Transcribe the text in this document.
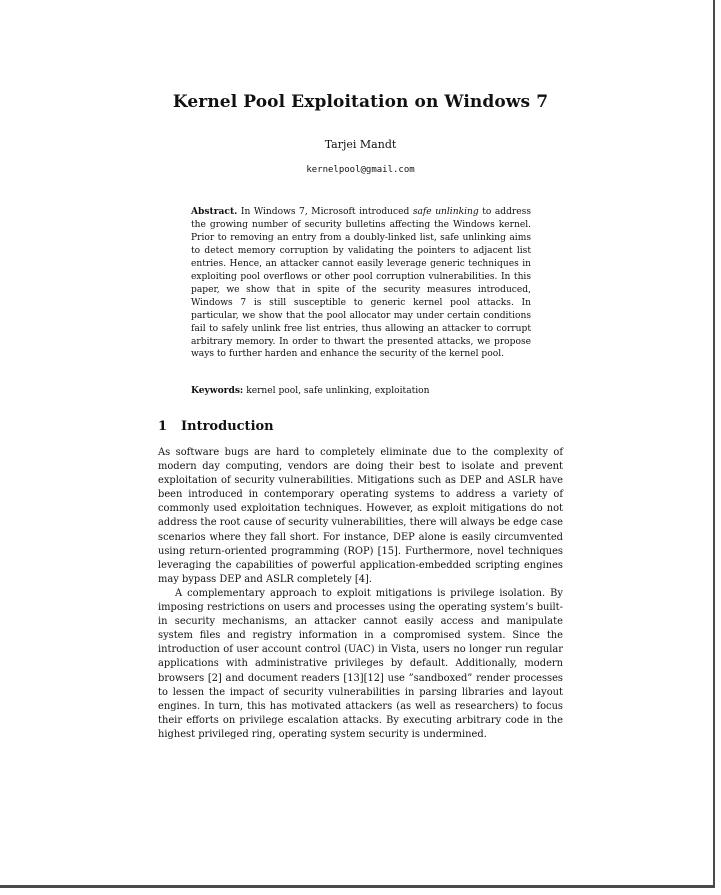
Kernel Pool Exploitation on Windows 7
Tarjei Mandt
kernelpool@gmail.com
Abstract. In Windows 7, Microsoft introduced safe unlinking to address the growing number of security bulletins affecting the Windows kernel. Prior to removing an entry from a doubly-linked list, safe unlinking aims to detect memory corruption by validating the pointers to adjacent list entries. Hence, an attacker cannot easily leverage generic techniques in exploiting pool overflows or other pool corruption vulnerabilities. In this paper, we show that in spite of the security measures introduced, Windows 7 is still susceptible to generic kernel pool attacks. In particular, we show that the pool allocator may under certain conditions fail to safely unlink free list entries, thus allowing an attacker to corrupt arbitrary memory. In order to thwart the presented attacks, we propose ways to further harden and enhance the security of the kernel pool.
Keywords: kernel pool, safe unlinking, exploitation
1 Introduction

As software bugs are hard to completely eliminate due to the complexity of modern day computing, vendors are doing their best to isolate and prevent exploitation of security vulnerabilities. Mitigations such as DEP and ASLR have been introduced in contemporary operating systems to address a variety of commonly used exploitation techniques. However, as exploit mitigations do not address the root cause of security vulnerabilities, there will always be edge case scenarios where they fall short. For instance, DEP alone is easily circumvented using return-oriented programming (ROP) [15]. Furthermore, novel techniques leveraging the capabilities of powerful application-embedded scripting engines may bypass DEP and ASLR completely [4].

A complementary approach to exploit mitigations is privilege isolation. By imposing restrictions on users and processes using the operating system’s built-in security mechanisms, an attacker cannot easily access and manipulate system files and registry information in a compromised system. Since the introduction of user account control (UAC) in Vista, users no longer run regular applications with administrative privileges by default. Additionally, modern browsers [2] and document readers [13][12] use ”sandboxed” render processes to lessen the impact of security vulnerabilities in parsing libraries and layout engines. In turn, this has motivated attackers (as well as researchers) to focus their efforts on privilege escalation attacks. By executing arbitrary code in the highest privileged ring, operating system security is undermined.
